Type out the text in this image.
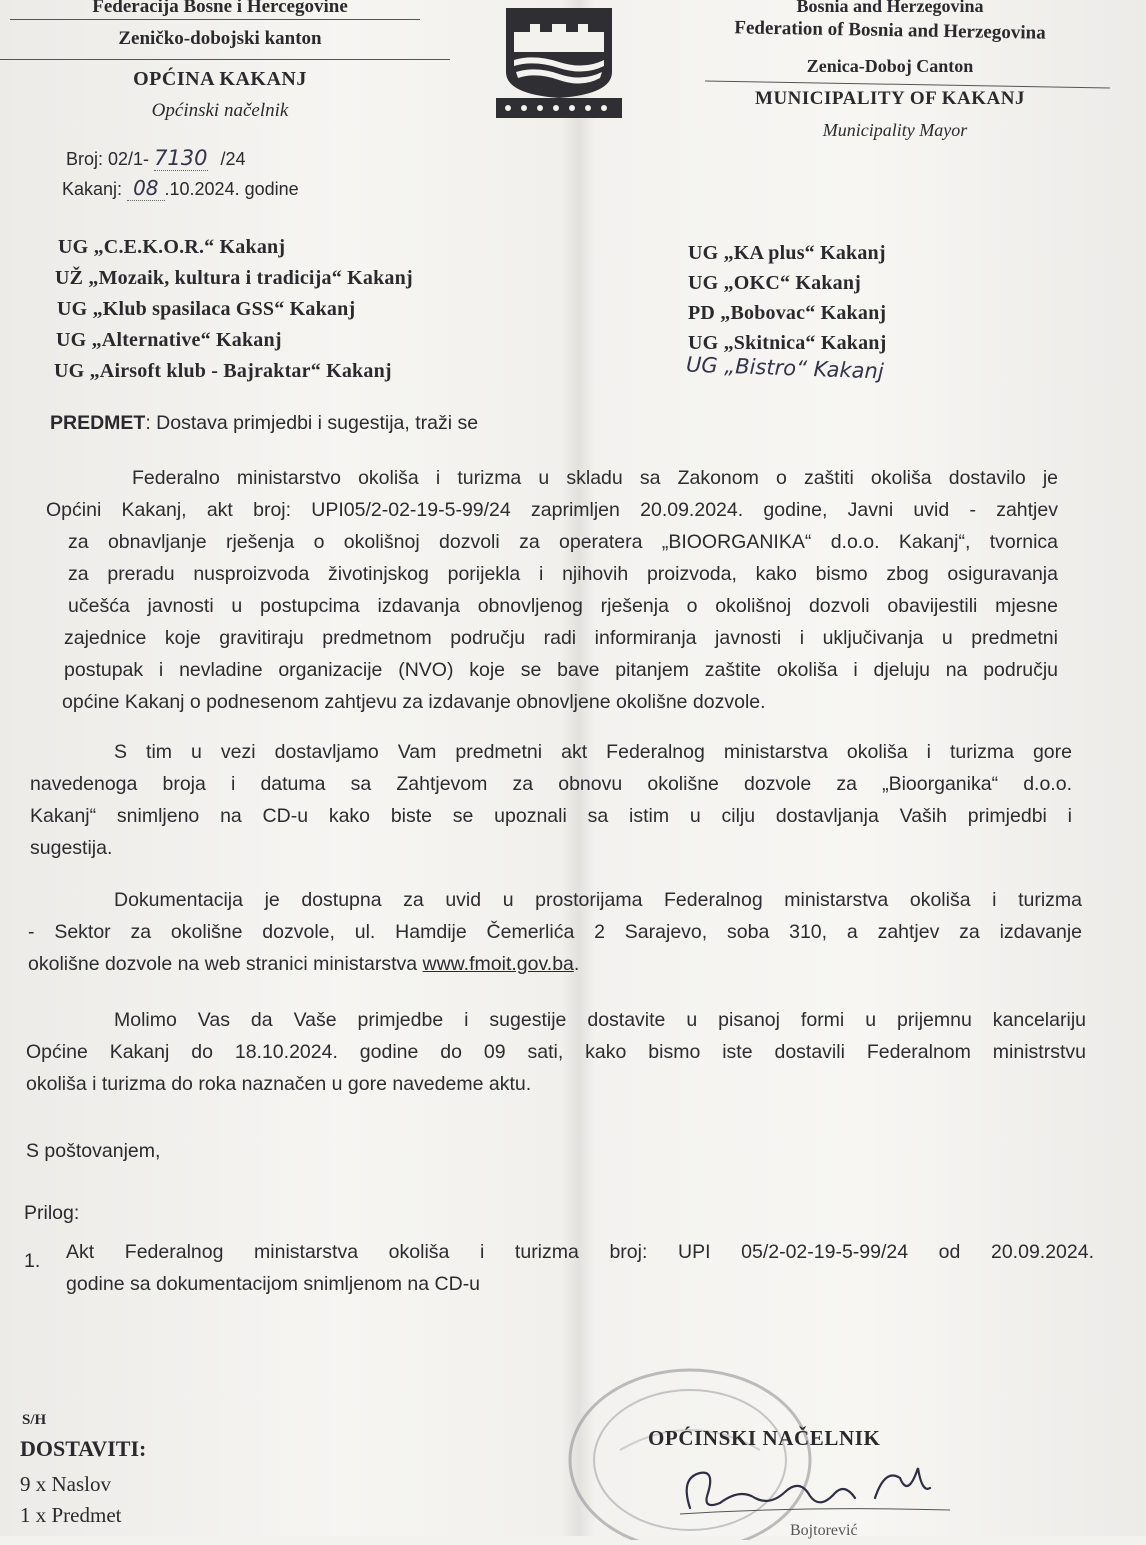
Federacija Bosne i Hercegovine
Zeničko-dobojski kanton
OPĆINA KAKANJ
Općinski načelnik
Bosnia and Herzegovina
Federation of Bosnia and Herzegovina
Zenica-Doboj Canton
MUNICIPALITY OF KAKANJ
Municipality Mayor
Broj: 02/1- 7130 /24
Kakanj: 08 .10.2024. godine
UG „C.E.K.O.R.“ Kakanj
UŽ „Mozaik, kultura i tradicija“ Kakanj
UG „Klub spasilaca GSS“ Kakanj
UG „Alternative“ Kakanj
UG „Airsoft klub - Bajraktar“ Kakanj
UG „KA plus“ Kakanj
UG „OKC“ Kakanj
PD „Bobovac“ Kakanj
UG „Skitnica“ Kakanj
UG „Bistro“ Kakanj
PREDMET: Dostava primjedbi i sugestija, traži se
Federalno ministarstvo okoliša i turizma u skladu sa Zakonom o zaštiti okoliša dostavilo je
Općini Kakanj, akt broj: UPI05/2-02-19-5-99/24 zaprimljen 20.09.2024. godine, Javni uvid - zahtjev
za obnavljanje rješenja o okolišnoj dozvoli za operatera „BIOORGANIKA“ d.o.o. Kakanj“, tvornica
za preradu nusproizvoda životinjskog porijekla i njihovih proizvoda, kako bismo zbog osiguravanja
učešća javnosti u postupcima izdavanja obnovljenog rješenja o okolišnoj dozvoli obavijestili mjesne
zajednice koje gravitiraju predmetnom području radi informiranja javnosti i uključivanja u predmetni
postupak i nevladine organizacije (NVO) koje se bave pitanjem zaštite okoliša i djeluju na području
općine Kakanj o podnesenom zahtjevu za izdavanje obnovljene okolišne dozvole.
S tim u vezi dostavljamo Vam predmetni akt Federalnog ministarstva okoliša i turizma gore
navedenoga broja i datuma sa Zahtjevom za obnovu okolišne dozvole za „Bioorganika“ d.o.o.
Kakanj“ snimljeno na CD-u kako biste se upoznali sa istim u cilju dostavljanja Vaših primjedbi i
sugestija.
Dokumentacija je dostupna za uvid u prostorijama Federalnog ministarstva okoliša i turizma
- Sektor za okolišne dozvole, ul. Hamdije Čemerlića 2 Sarajevo, soba 310, a zahtjev za izdavanje
okolišne dozvole na web stranici ministarstva www.fmoit.gov.ba.
Molimo Vas da Vaše primjedbe i sugestije dostavite u pisanoj formi u prijemnu kancelariju
Općine Kakanj do 18.10.2024. godine do 09 sati, kako bismo iste dostavili Federalnom ministrstvu
okoliša i turizma do roka naznačen u gore navedeme aktu.
S poštovanjem,
Prilog:
1. Akt Federalnog ministarstva okoliša i turizma broj: UPI 05/2-02-19-5-99/24 od 20.09.2024.
godine sa dokumentacijom snimljenom na CD-u
S/H
DOSTAVITI:
9 x Naslov
1 x Predmet
OPĆINSKI NAČELNIK
Bojtorević
